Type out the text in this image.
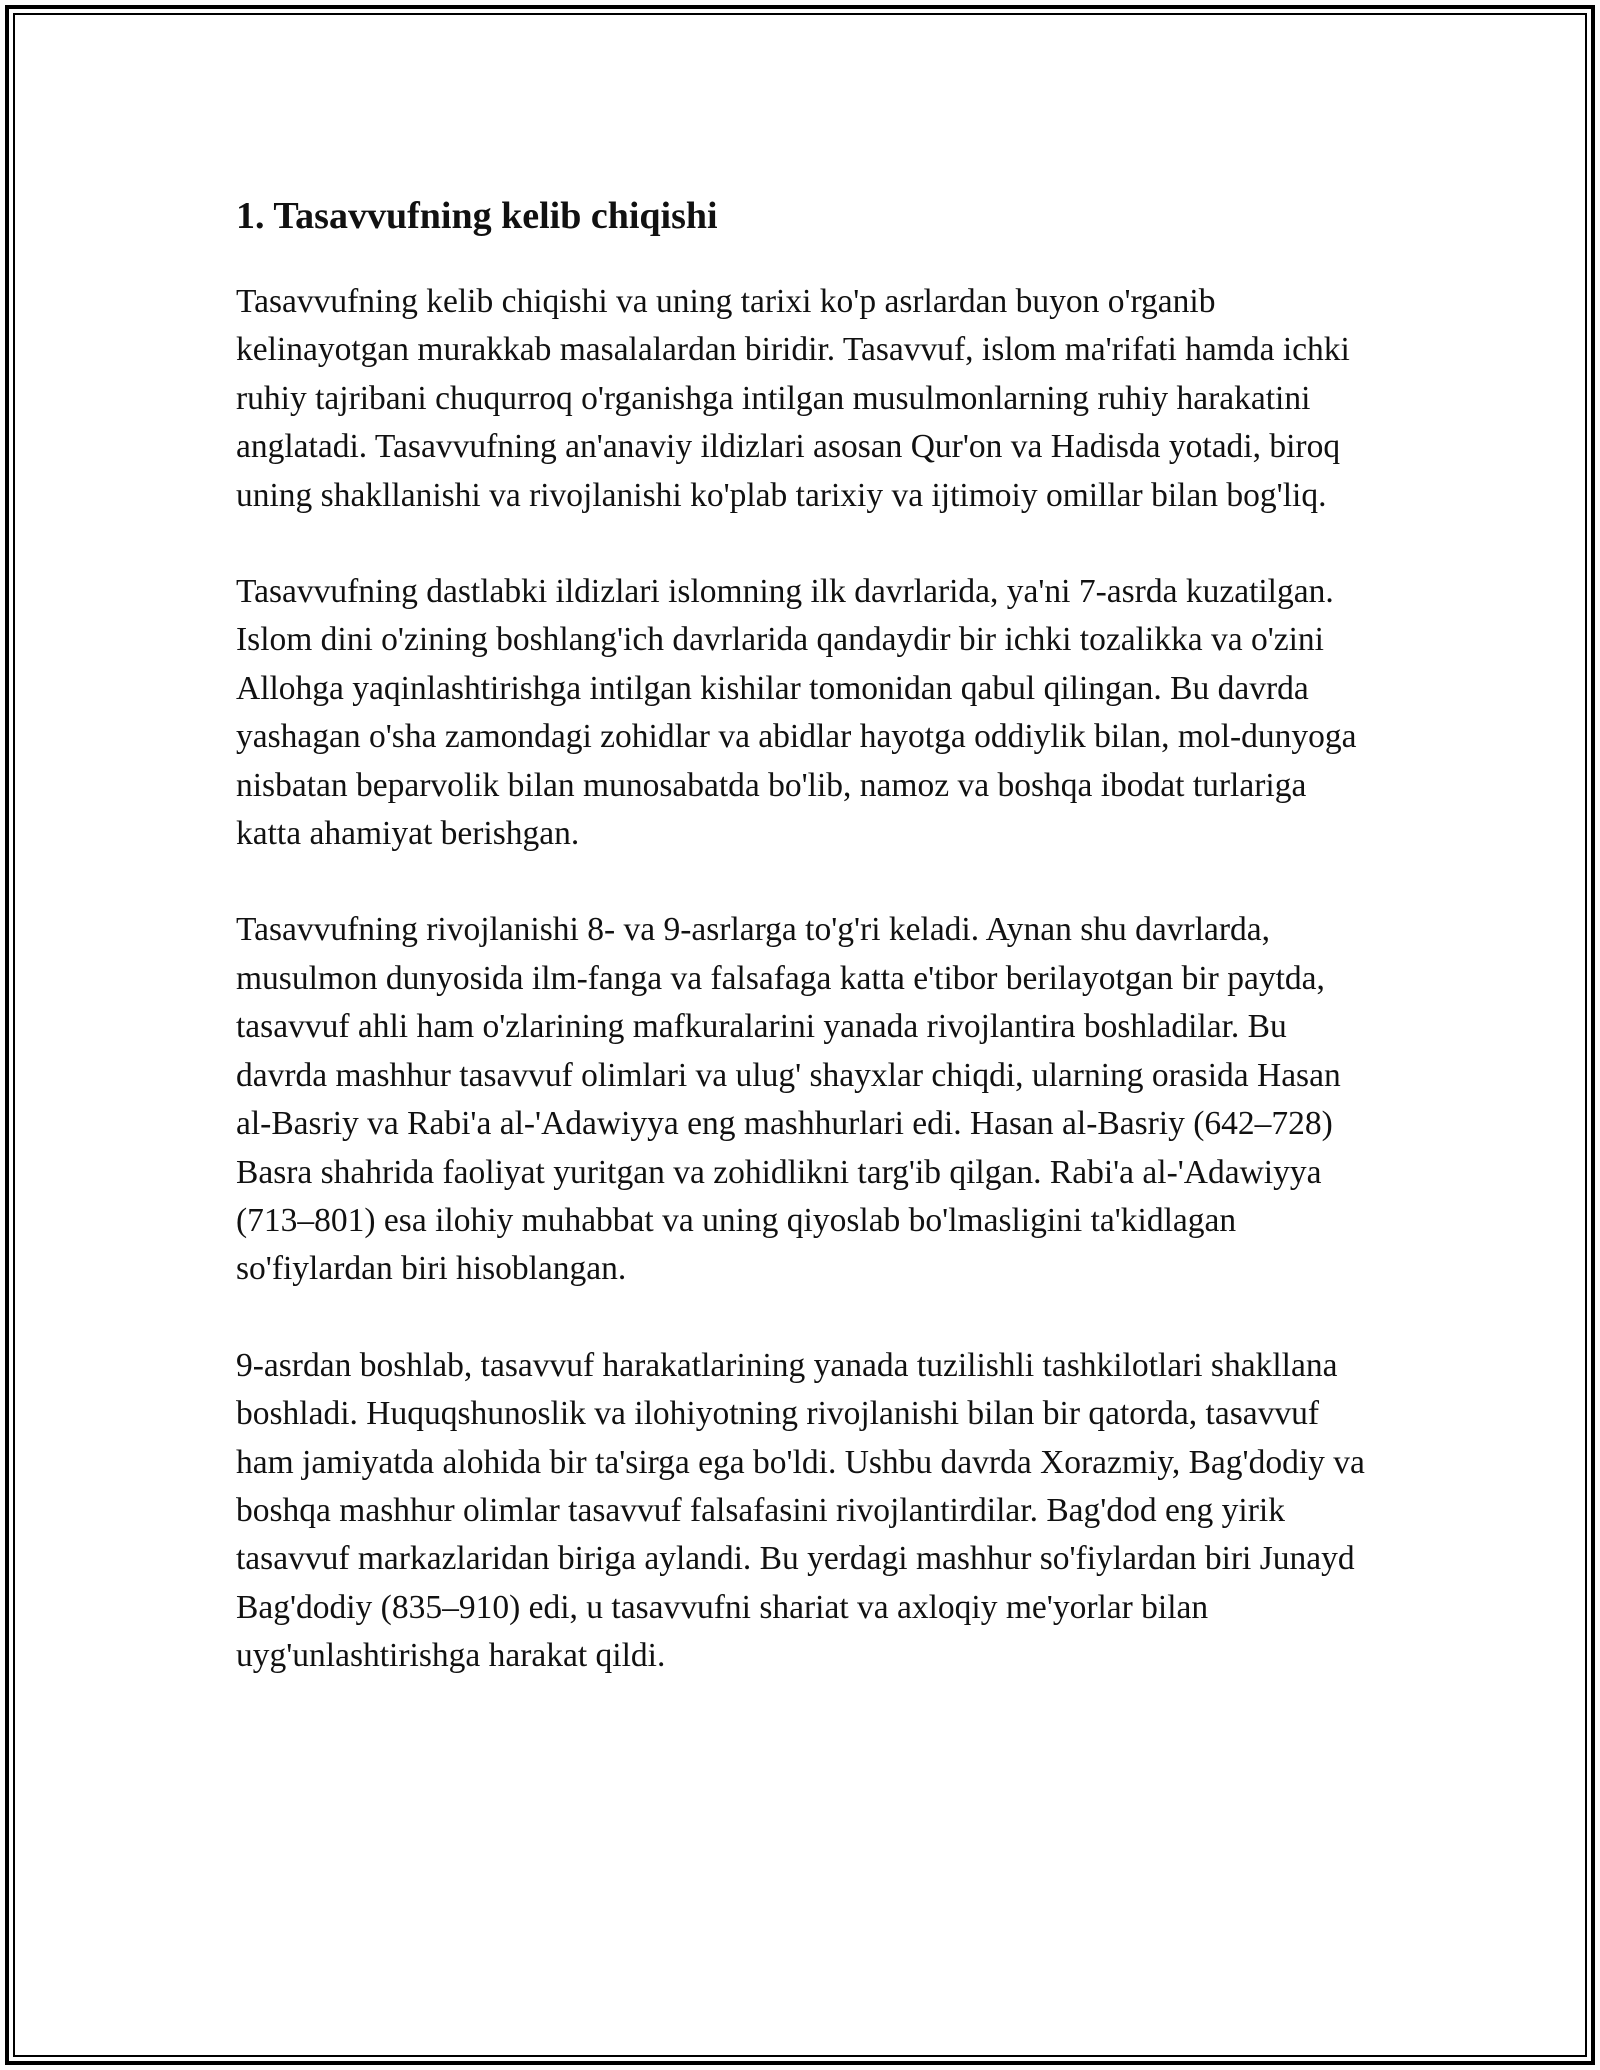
1. Tasavvufning kelib chiqishi

Tasavvufning kelib chiqishi va uning tarixi ko'p asrlardan buyon o'rganib kelinayotgan murakkab masalalardan biridir. Tasavvuf, islom ma'rifati hamda ichki ruhiy tajribani chuqurroq o'rganishga intilgan musulmonlarning ruhiy harakatini anglatadi. Tasavvufning an'anaviy ildizlari asosan Qur'on va Hadisda yotadi, biroq uning shakllanishi va rivojlanishi ko'plab tarixiy va ijtimoiy omillar bilan bog'liq.

Tasavvufning dastlabki ildizlari islomning ilk davrlarida, ya'ni 7-asrda kuzatilgan. Islom dini o'zining boshlang'ich davrlarida qandaydir bir ichki tozalikka va o'zini Allohga yaqinlashtirishga intilgan kishilar tomonidan qabul qilingan. Bu davrda yashagan o'sha zamondagi zohidlar va abidlar hayotga oddiylik bilan, mol-dunyoga nisbatan beparvolik bilan munosabatda bo'lib, namoz va boshqa ibodat turlariga katta ahamiyat berishgan.

Tasavvufning rivojlanishi 8- va 9-asrlarga to'g'ri keladi. Aynan shu davrlarda, musulmon dunyosida ilm-fanga va falsafaga katta e'tibor berilayotgan bir paytda, tasavvuf ahli ham o'zlarining mafkuralarini yanada rivojlantira boshladilar. Bu davrda mashhur tasavvuf olimlari va ulug' shayxlar chiqdi, ularning orasida Hasan al-Basriy va Rabi'a al-'Adawiyya eng mashhurlari edi. Hasan al-Basriy (642–728) Basra shahrida faoliyat yuritgan va zohidlikni targ'ib qilgan. Rabi'a al-'Adawiyya (713–801) esa ilohiy muhabbat va uning qiyoslab bo'lmasligini ta'kidlagan so'fiylardan biri hisoblangan.

9-asrdan boshlab, tasavvuf harakatlarining yanada tuzilishli tashkilotlari shakllana boshladi. Huquqshunoslik va ilohiyotning rivojlanishi bilan bir qatorda, tasavvuf ham jamiyatda alohida bir ta'sirga ega bo'ldi. Ushbu davrda Xorazmiy, Bag'dodiy va boshqa mashhur olimlar tasavvuf falsafasini rivojlantirdilar. Bag'dod eng yirik tasavvuf markazlaridan biriga aylandi. Bu yerdagi mashhur so'fiylardan biri Junayd Bag'dodiy (835–910) edi, u tasavvufni shariat va axloqiy me'yorlar bilan uyg'unlashtirishga harakat qildi.
